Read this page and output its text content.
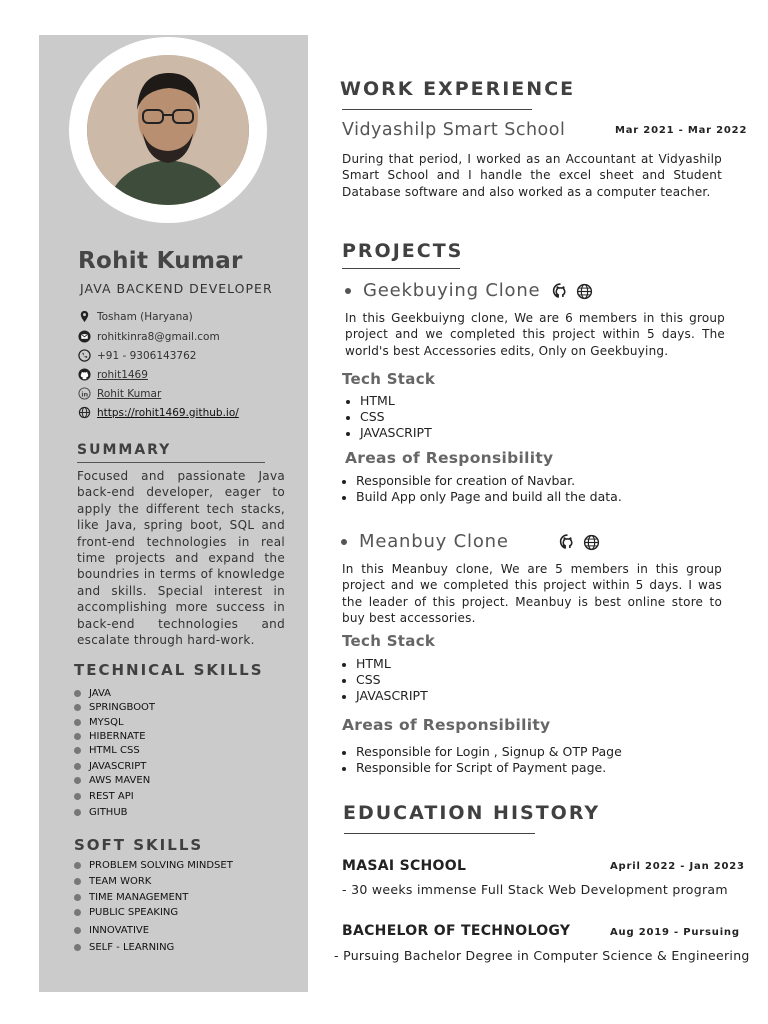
Rohit Kumar
JAVA BACKEND DEVELOPER
Tosham (Haryana)
rohitkinra8@gmail.com
+91 - 9306143762
rohit1469
in Rohit Kumar
https://rohit1469.github.io/
SUMMARY
Focused and passionate Java back-end developer, eager to apply the different tech stacks, like Java, spring boot, SQL and front-end technologies in real time projects and expand the boundries in terms of knowledge and skills. Special interest in accomplishing more success in back-end technologies and escalate through hard-work.
TECHNICAL SKILLS
JAVA
SPRINGBOOT
MYSQL
HIBERNATE
HTML CSS
JAVASCRIPT
AWS MAVEN
REST API
GITHUB
SOFT SKILLS
PROBLEM SOLVING MINDSET
TEAM WORK
TIME MANAGEMENT
PUBLIC SPEAKING
INNOVATIVE
SELF - LEARNING
WORK EXPERIENCE
Vidyashilp Smart School	Mar 2021 - Mar 2022
During that period, I worked as an Accountant at Vidyashilp Smart School and I handle the excel sheet and Student Database software and also worked as a computer teacher.
PROJECTS
Geekbuying Clone
In this Geekbuiyng clone, We are 6 members in this group project and we completed this project within 5 days. The world's best Accessories edits, Only on Geekbuying.
Tech Stack
HTML
CSS
JAVASCRIPT
Areas of Responsibility
Responsible for creation of Navbar.
Build App only Page and build all the data.
Meanbuy Clone
In this Meanbuy clone, We are 5 members in this group project and we completed this project within 5 days. I was the leader of this project. Meanbuy is best online store to buy best accessories.
Tech Stack
HTML
CSS
JAVASCRIPT
Areas of Responsibility
Responsible for Login , Signup & OTP Page
Responsible for Script of Payment page.
EDUCATION HISTORY
MASAI SCHOOL	April 2022 - Jan 2023
- 30 weeks immense Full Stack Web Development program
BACHELOR OF TECHNOLOGY	Aug 2019 - Pursuing
- Pursuing Bachelor Degree in Computer Science & Engineering
